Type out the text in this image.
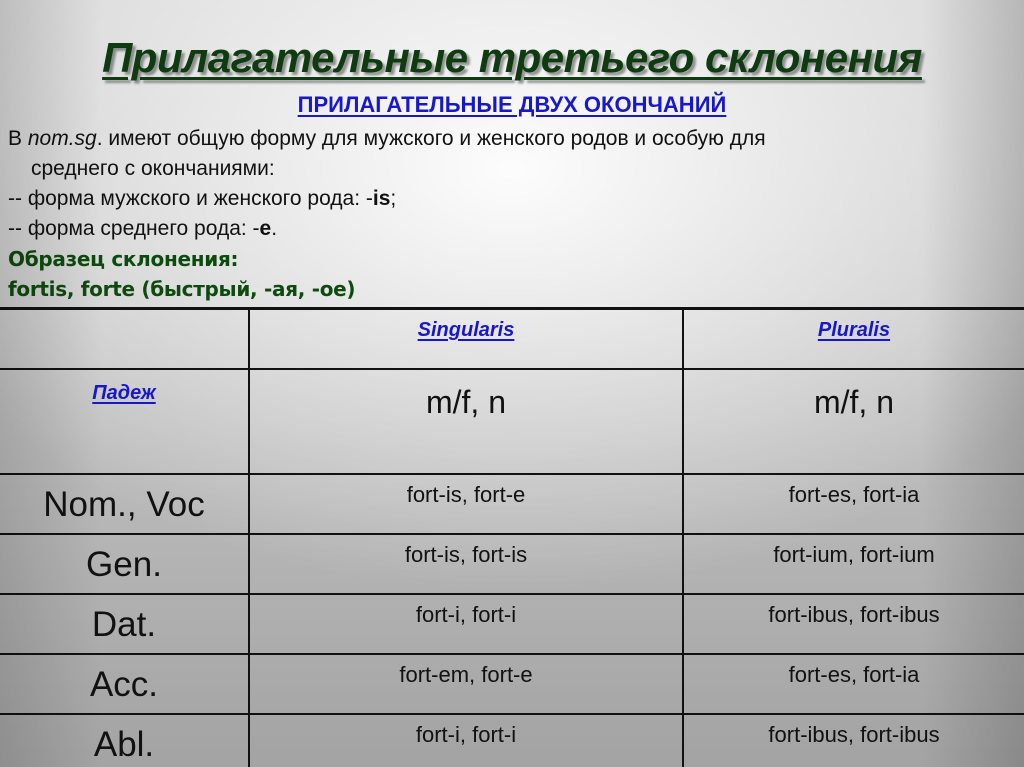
Прилагательные третьего склонения
ПРИЛАГАТЕЛЬНЫЕ ДВУХ ОКОНЧАНИЙ
В nom.sg. имеют общую форму для мужского и женского родов и особую для
среднего с окончаниями:
-- форма мужского и женского рода: -is;
-- форма среднего рода: -e.
Образец склонения:
fortis, forte (быстрый, -ая, -ое)
	Singularis	Pluralis
Падеж	m/f, n	m/f, n
Nom., Voc	fort-is, fort-e	fort-es, fort-ia
Gen.	fort-is, fort-is	fort-ium, fort-ium
Dat.	fort-i, fort-i	fort-ibus, fort-ibus
Acc.	fort-em, fort-e	fort-es, fort-ia
Abl.	fort-i, fort-i	fort-ibus, fort-ibus
